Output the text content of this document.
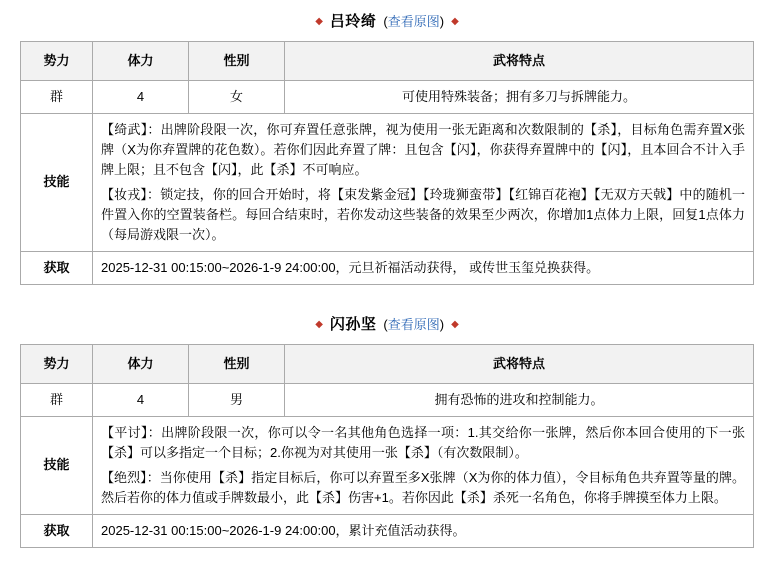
◆ 吕玲绮 (查看原图) ◆
势力	体力	性别	武将特点
群	4	女	可使用特殊装备；拥有多刀与拆牌能力。
技能	【绮武】：出牌阶段限一次，你可弃置任意张牌，视为使用一张无距离和次数限制的【杀】，目标角色需弃置X张牌（X为你弃置牌的花色数）。若你们因此弃置了牌：且包含【闪】，你获得弃置牌中的【闪】，且本回合不计入手牌上限；且不包含【闪】，此【杀】不可响应。

【妆戎】：锁定技，你的回合开始时，将【束发紫金冠】【玲珑狮蛮带】【红锦百花袍】【无双方天戟】中的随机一件置入你的空置装备栏。每回合结束时，若你发动这些装备的效果至少两次，你增加1点体力上限，回复1点体力（每局游戏限一次）。		

获取	2025-12-31 00:15:00~2026-1-9 24:00:00，元旦祈福活动获得， 或传世玉玺兑换获得。		
◆ 闪孙坚 (查看原图) ◆
势力	体力	性别	武将特点
群	4	男	拥有恐怖的进攻和控制能力。
技能	【平讨】：出牌阶段限一次，你可以令一名其他角色选择一项：1.其交给你一张牌，然后你本回合使用的下一张【杀】可以多指定一个目标；2.你视为对其使用一张【杀】（有次数限制）。

【绝烈】：当你使用【杀】指定目标后，你可以弃置至多X张牌（X为你的体力值），令目标角色共弃置等量的牌。然后若你的体力值或手牌数最小，此【杀】伤害+1。若你因此【杀】杀死一名角色，你将手牌摸至体力上限。		

获取	2025-12-31 00:15:00~2026-1-9 24:00:00，累计充值活动获得。		
